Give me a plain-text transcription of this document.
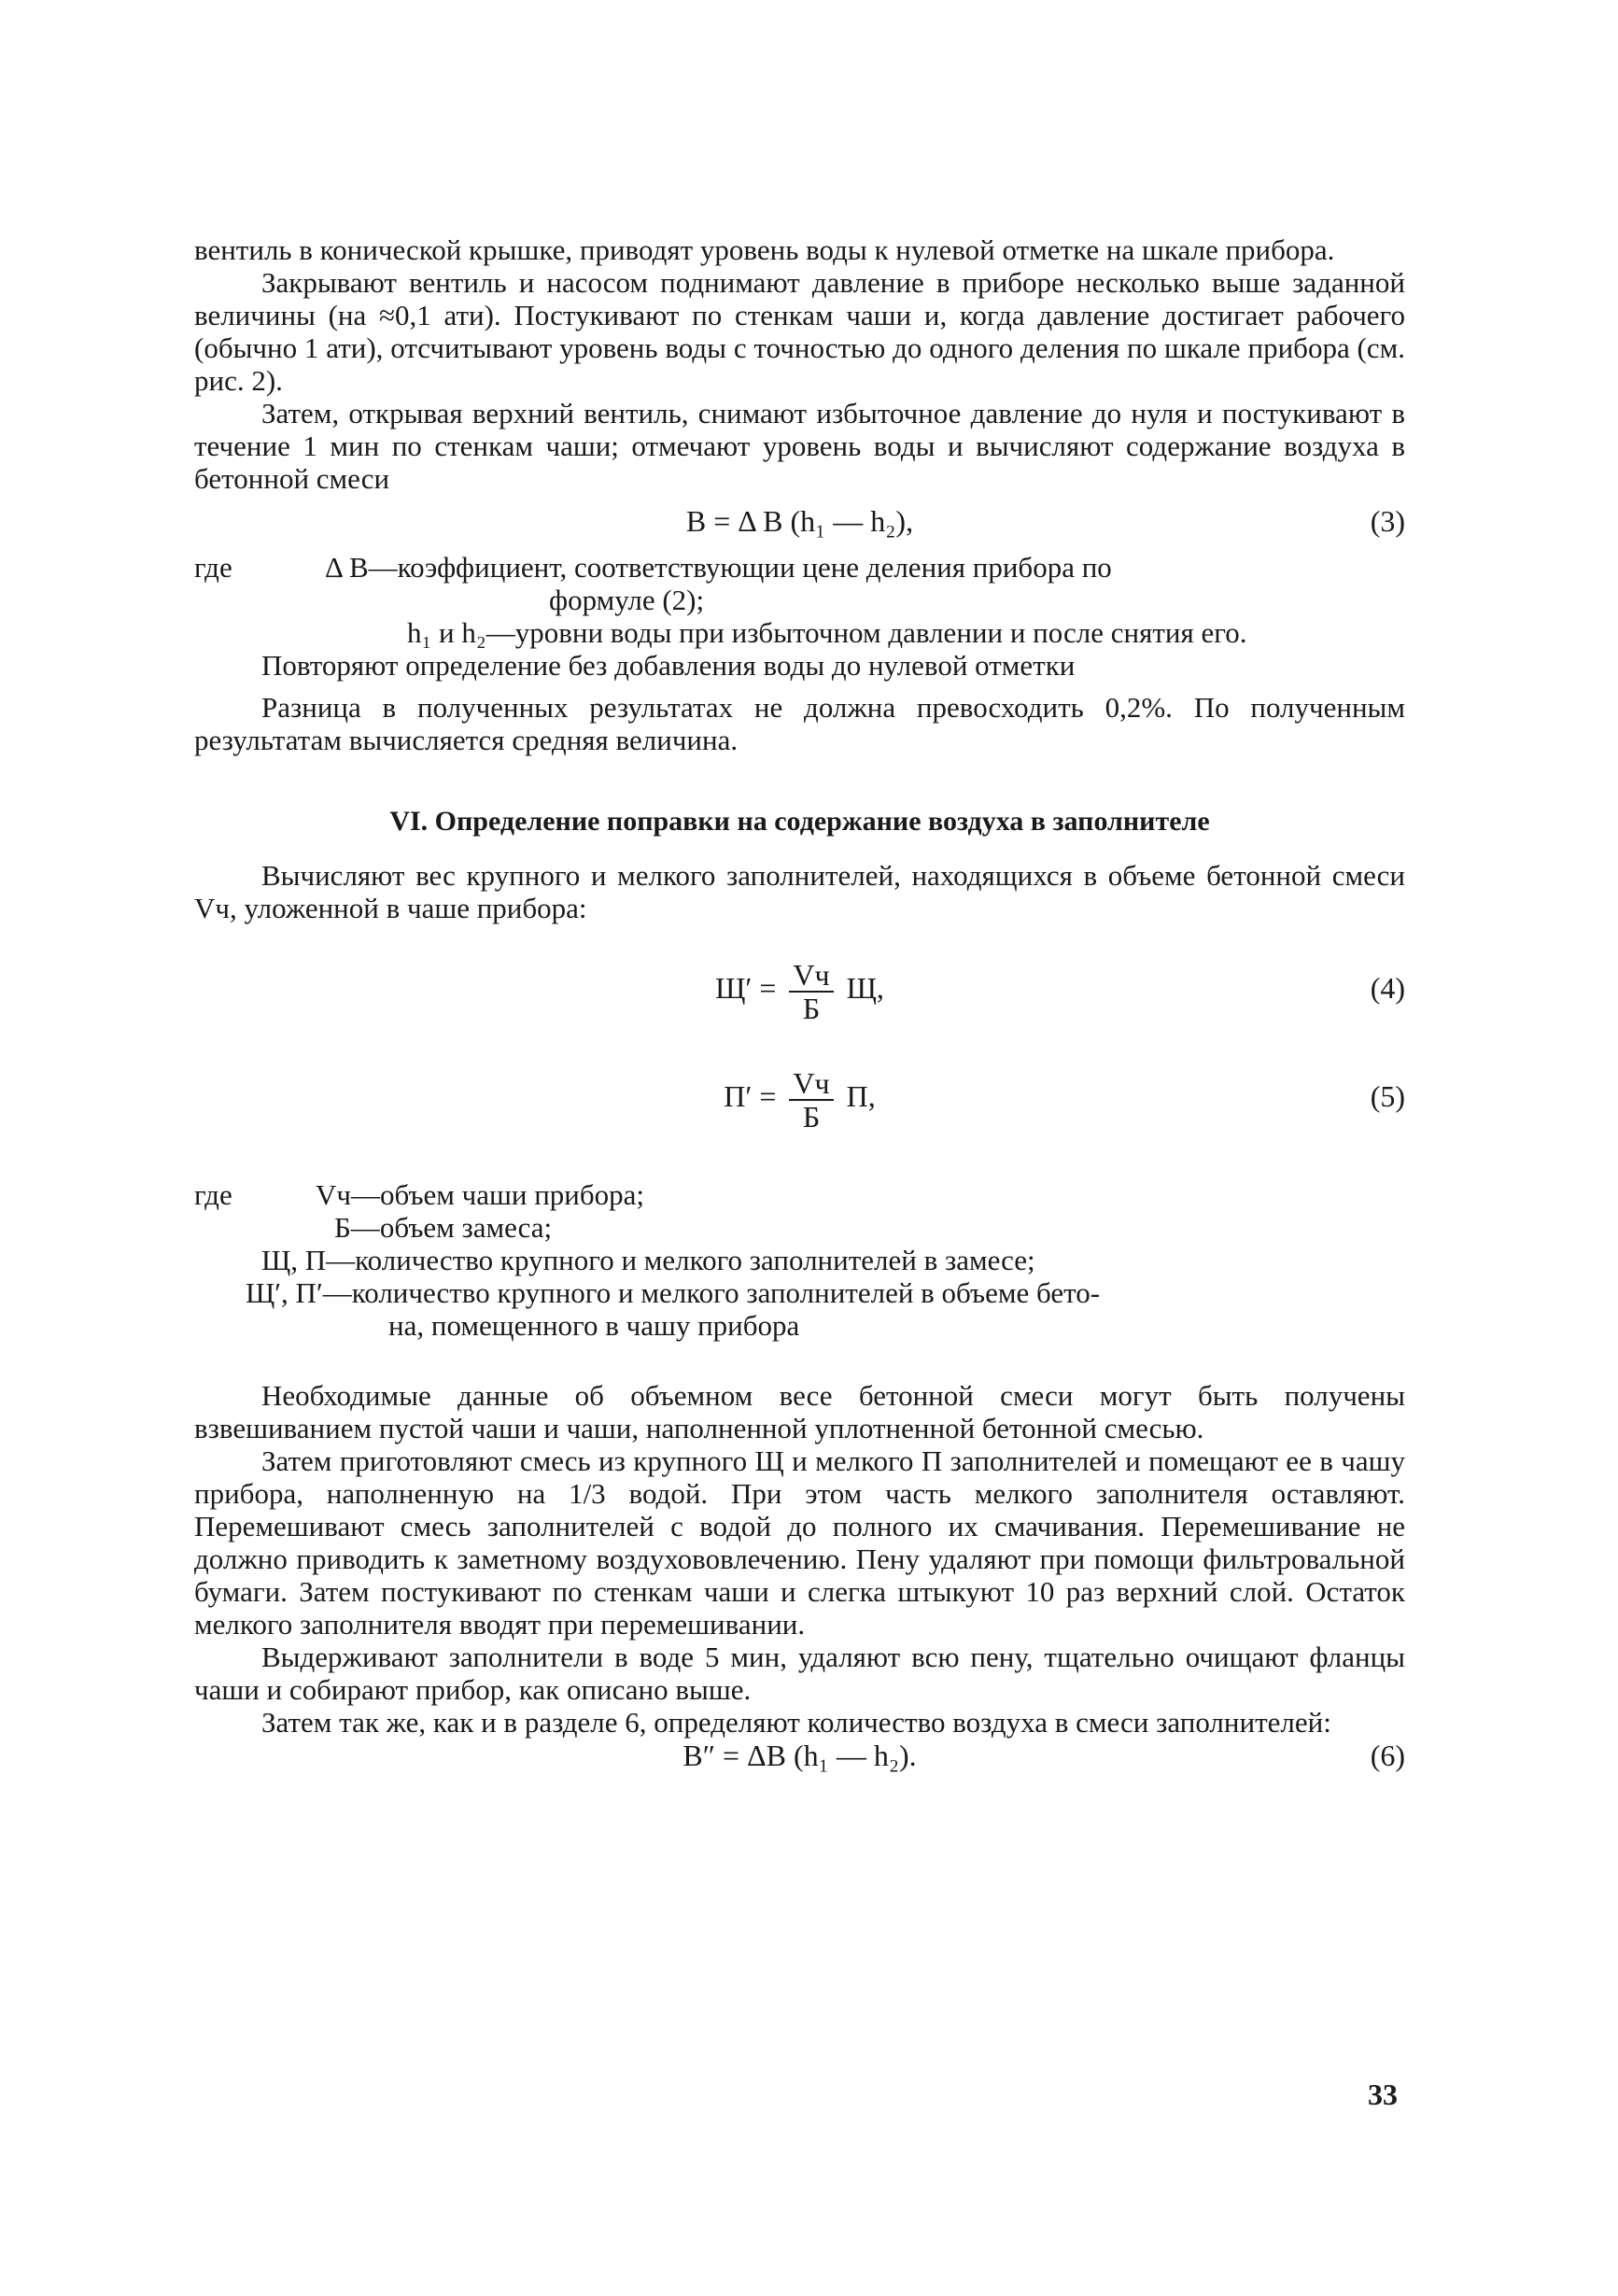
вентиль в конической крышке, приводят уровень воды к нулевой отметке на шкале прибора.

Закрывают вентиль и насосом поднимают давление в приборе несколько выше заданной величины (на ≈0,1 ати). Постукивают по стенкам чаши и, когда давление достигает рабочего (обычно 1 ати), отсчитывают уровень воды с точностью до одного деления по шкале прибора (см. рис. 2).

Затем, открывая верхний вентиль, снимают избыточное давление до нуля и постукивают в течение 1 мин по стенкам чаши; отмечают уровень воды и вычисляют содержание воздуха в бетонной смеси

В = Δ В (h₁ — h₂),	(3)
где	Δ В— коэффициент, соответствующии цене деления прибора по
формуле (2);
h₁ и h₂— уровни воды при избыточном давлении и после снятия его.

Повторяют определение без добавления воды до нулевой отметки

Разница в полученных результатах не должна превосходить 0,2%. По полученным результатам вычисляется средняя величина.

VI. Определение поправки на содержание воздуха в заполнителе

Вычисляют вес крупного и мелкого заполнителей, находящихся в объеме бетонной смеси Vч, уложенной в чаше прибора:

$Щ' = \frac{Vч}{Б} Щ$,	(4)
$П' = \frac{Vч}{Б} П$,	(5)
где	Vч— объем чаши прибора;
Б— объем замеса;
Щ, П— количество крупного и мелкого заполнителей в замесе;
Щ′, П′— количество крупного и мелкого заполнителей в объеме бето-
на, помещенного в чашу прибора

Необходимые данные об объемном весе бетонной смеси могут быть получены взвешиванием пустой чаши и чаши, наполненной уплотненной бетонной смесью.

Затем приготовляют смесь из крупного Щ и мелкого П заполнителей и помещают ее в чашу прибора, наполненную на 1/3 водой. При этом часть мелкого заполнителя оставляют. Перемешивают смесь заполнителей с водой до полного их смачивания. Перемешивание не должно приводить к заметному воздухововлечению. Пену удаляют при помощи фильтровальной бумаги. Затем постукивают по стенкам чаши и слегка штыкуют 10 раз верхний слой. Остаток мелкого заполнителя вводят при перемешивании.

Выдерживают заполнители в воде 5 мин, удаляют всю пену, тщательно очищают фланцы чаши и собирают прибор, как описано выше.

Затем так же, как и в разделе 6, определяют количество воздуха в смеси заполнителей:

В″ = ΔВ (h₁ — h₂).	(6)
33
